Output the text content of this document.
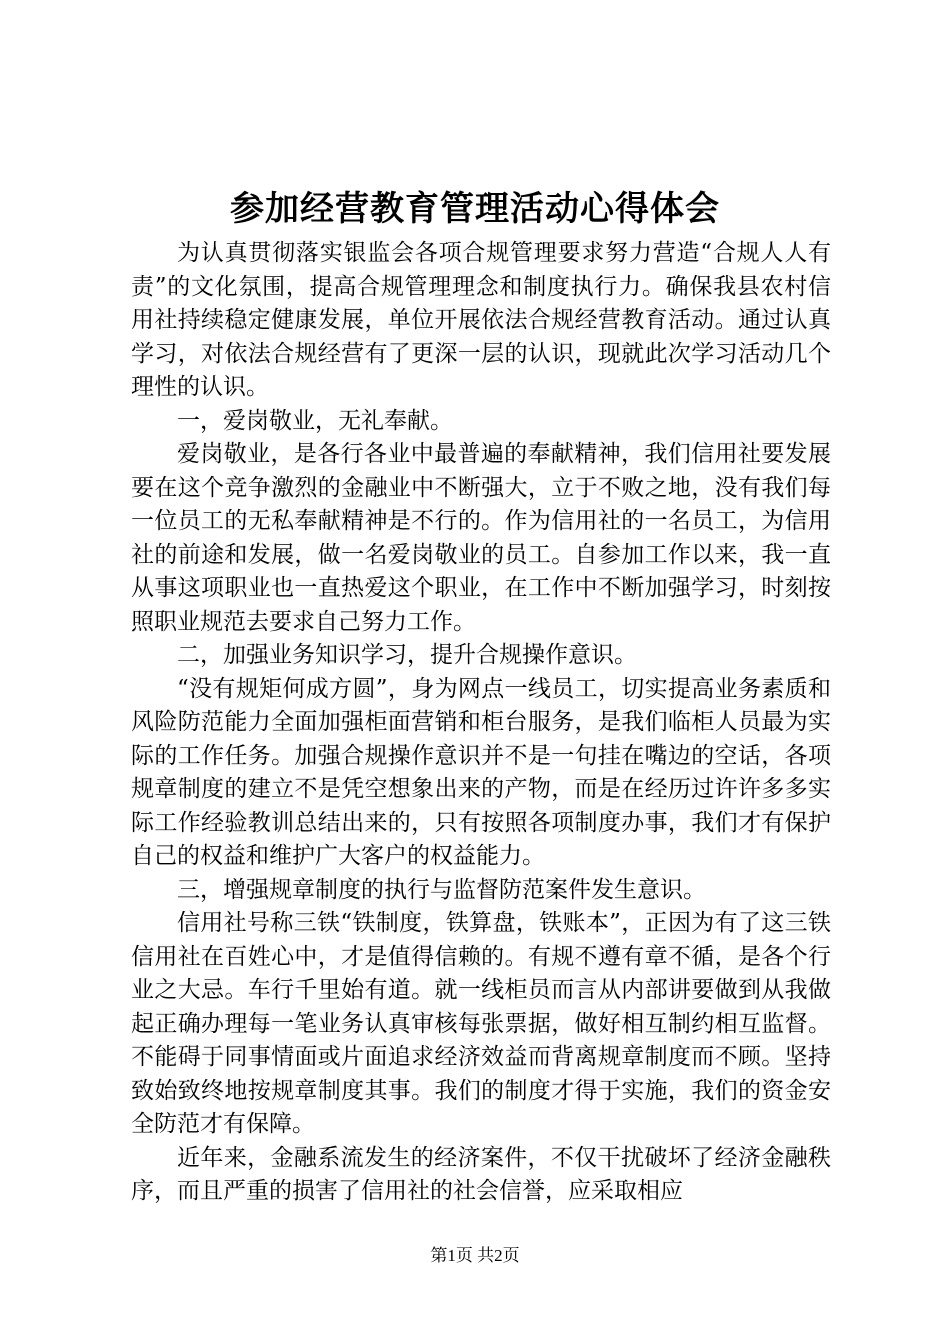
参加经营教育管理活动心得体会

为认真贯彻落实银监会各项合规管理要求努力营造“合规人人有责”的文化氛围，提高合规管理理念和制度执行力。确保我县农村信用社持续稳定健康发展，单位开展依法合规经营教育活动。通过认真学习，对依法合规经营有了更深一层的认识，现就此次学习活动几个理性的认识。

一，爱岗敬业，无礼奉献。

爱岗敬业，是各行各业中最普遍的奉献精神，我们信用社要发展要在这个竞争激烈的金融业中不断强大，立于不败之地，没有我们每一位员工的无私奉献精神是不行的。作为信用社的一名员工，为信用社的前途和发展，做一名爱岗敬业的员工。自参加工作以来，我一直从事这项职业也一直热爱这个职业，在工作中不断加强学习，时刻按照职业规范去要求自己努力工作。

二，加强业务知识学习，提升合规操作意识。

“没有规矩何成方圆”，身为网点一线员工，切实提高业务素质和风险防范能力全面加强柜面营销和柜台服务，是我们临柜人员最为实际的工作任务。加强合规操作意识并不是一句挂在嘴边的空话，各项规章制度的建立不是凭空想象出来的产物，而是在经历过许许多多实际工作经验教训总结出来的，只有按照各项制度办事，我们才有保护自己的权益和维护广大客户的权益能力。

三，增强规章制度的执行与监督防范案件发生意识。

信用社号称三铁“铁制度，铁算盘，铁账本”，正因为有了这三铁信用社在百姓心中，才是值得信赖的。有规不遵有章不循，是各个行业之大忌。车行千里始有道。就一线柜员而言从内部讲要做到从我做起正确办理每一笔业务认真审核每张票据，做好相互制约相互监督。不能碍于同事情面或片面追求经济效益而背离规章制度而不顾。坚持致始致终地按规章制度其事。我们的制度才得于实施，我们的资金安全防范才有保障。

近年来，金融系流发生的经济案件，不仅干扰破坏了经济金融秩序，而且严重的损害了信用社的社会信誉，应采取相应

第1页 共2页
